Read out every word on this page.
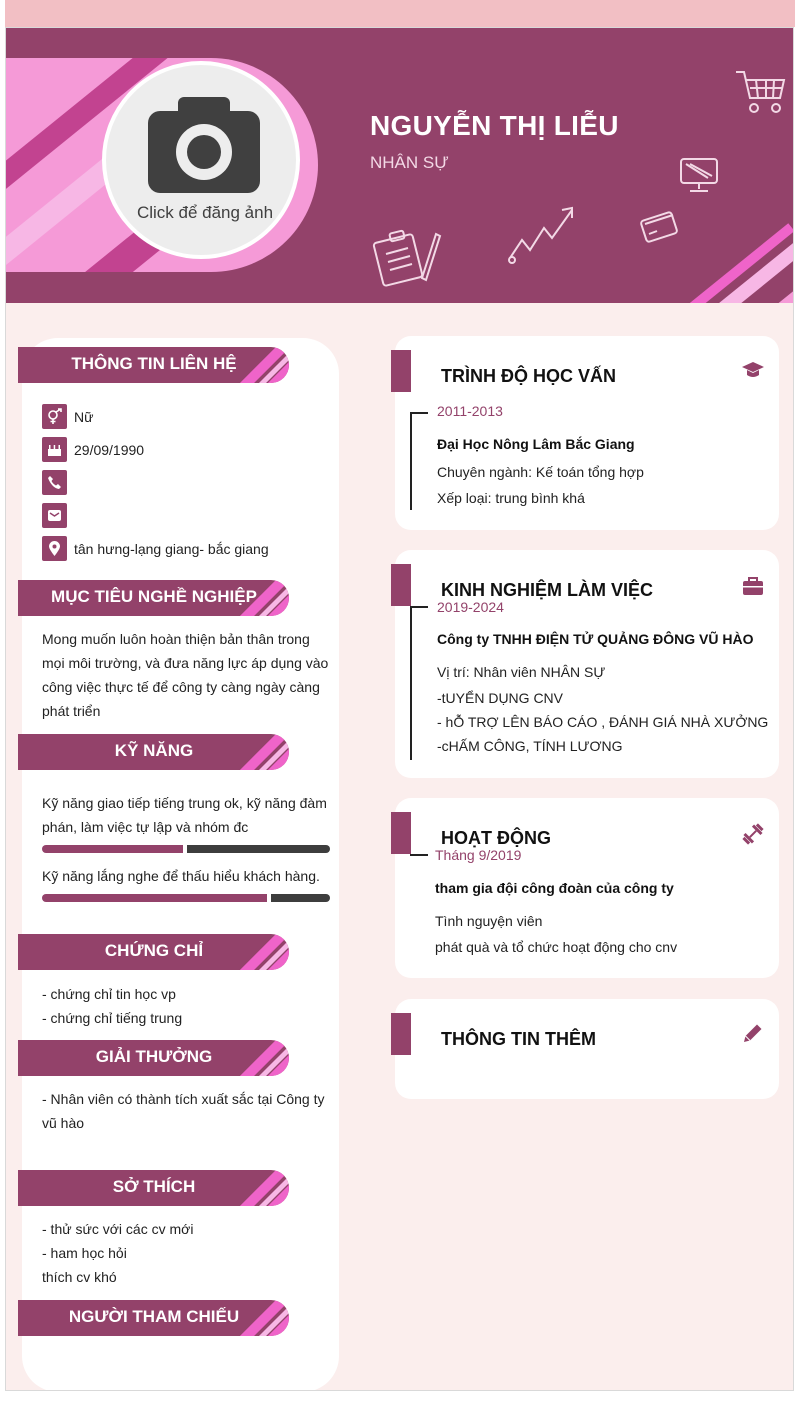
Click để đăng ảnh
NGUYỄN THỊ LIỄU
NHÂN SỰ
THÔNG TIN LIÊN HỆ
Nữ
29/09/1990
tân hưng-lạng giang- bắc giang
MỤC TIÊU NGHỀ NGHIỆP
Mong muốn luôn hoàn thiện bản thân trong
mọi môi trường, và đưa năng lực áp dụng vào
công việc thực tế để công ty càng ngày càng
phát triển
KỸ NĂNG
Kỹ năng giao tiếp tiếng trung ok, kỹ năng đàm
phán, làm việc tự lập và nhóm đc
Kỹ năng lắng nghe để thấu hiểu khách hàng.
CHỨNG CHỈ
- chứng chỉ tin học vp
- chứng chỉ tiếng trung
GIẢI THƯỞNG
- Nhân viên có thành tích xuất sắc tại Công ty
vũ hào
SỞ THÍCH
- thử sức với các cv mới
- ham học hỏi
thích cv khó
NGƯỜI THAM CHIẾU
TRÌNH ĐỘ HỌC VẤN
2011-2013
Đại Học Nông Lâm Bắc Giang
Chuyên ngành: Kế toán tổng hợp
Xếp loại: trung bình khá
KINH NGHIỆM LÀM VIỆC
2019-2024
Công ty TNHH ĐIỆN TỬ QUẢNG ĐÔNG VŨ HÀO
Vị trí: Nhân viên NHÂN SỰ
-tUYỂN DỤNG CNV
- hỖ TRỢ LÊN BÁO CÁO , ĐÁNH GIÁ NHÀ XƯỞNG
-cHẤM CÔNG, TÍNH LƯƠNG
HOẠT ĐỘNG
Tháng 9/2019
tham gia đội công đoàn của công ty
Tình nguyện viên
phát quà và tổ chức hoạt động cho cnv
THÔNG TIN THÊM
